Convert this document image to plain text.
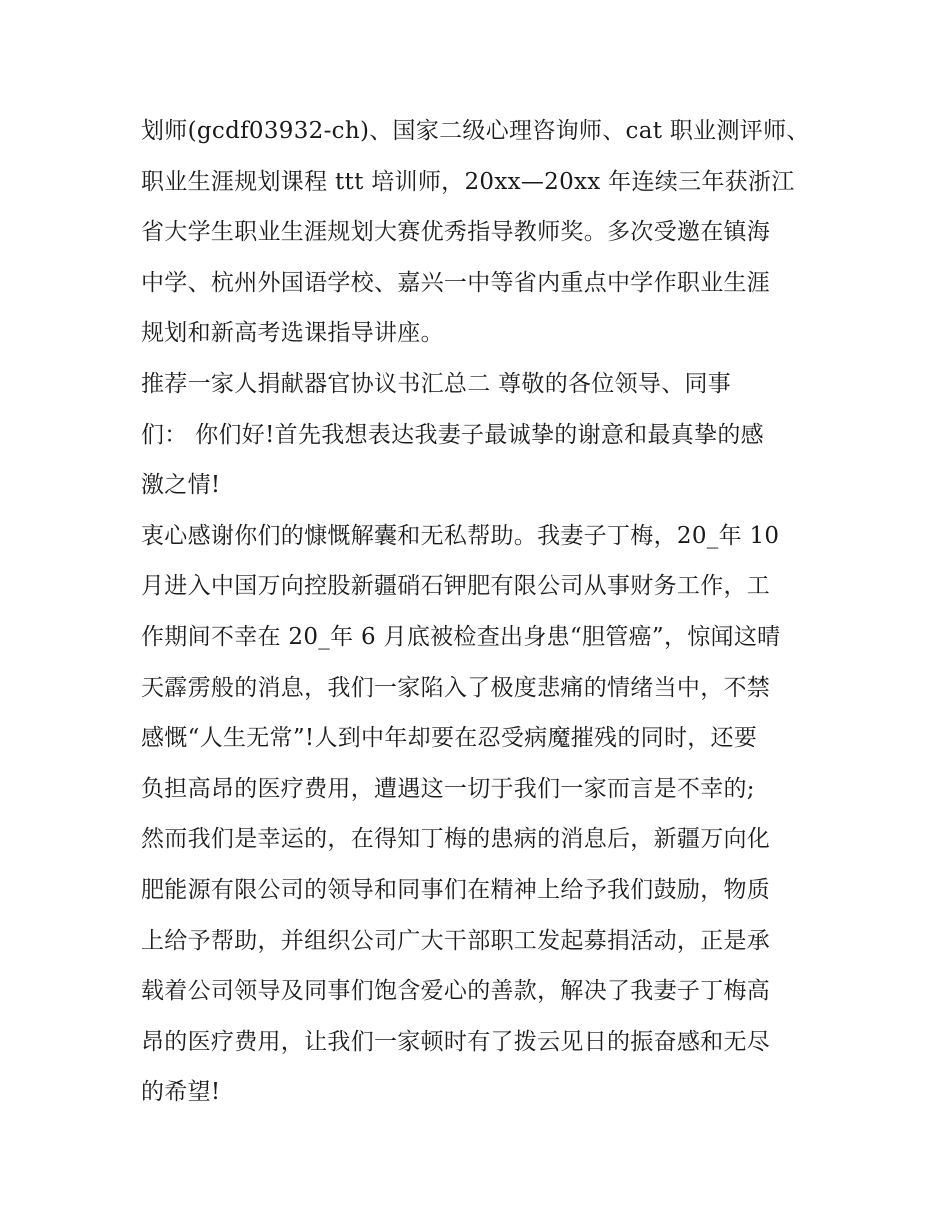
划师(gcdf03932-ch)、国家二级心理咨询师、cat 职业测评师、
职业生涯规划课程 ttt 培训师，20xx—20xx 年连续三年获浙江
省大学生职业生涯规划大赛优秀指导教师奖。多次受邀在镇海
中学、杭州外国语学校、嘉兴一中等省内重点中学作职业生涯
规划和新高考选课指导讲座。
推荐一家人捐献器官协议书汇总二 尊敬的各位领导、同事
们： 你们好!首先我想表达我妻子最诚挚的谢意和最真挚的感
激之情!
衷心感谢你们的慷慨解囊和无私帮助。我妻子丁梅，20_年 10
月进入中国万向控股新疆硝石钾肥有限公司从事财务工作，工
作期间不幸在 20_年 6 月底被检查出身患“胆管癌”，惊闻这晴
天霹雳般的消息，我们一家陷入了极度悲痛的情绪当中，不禁
感慨“人生无常”!人到中年却要在忍受病魔摧残的同时，还要
负担高昂的医疗费用，遭遇这一切于我们一家而言是不幸的;
然而我们是幸运的，在得知丁梅的患病的消息后，新疆万向化
肥能源有限公司的领导和同事们在精神上给予我们鼓励，物质
上给予帮助，并组织公司广大干部职工发起募捐活动，正是承
载着公司领导及同事们饱含爱心的善款，解决了我妻子丁梅高
昂的医疗费用，让我们一家顿时有了拨云见日的振奋感和无尽
的希望!
